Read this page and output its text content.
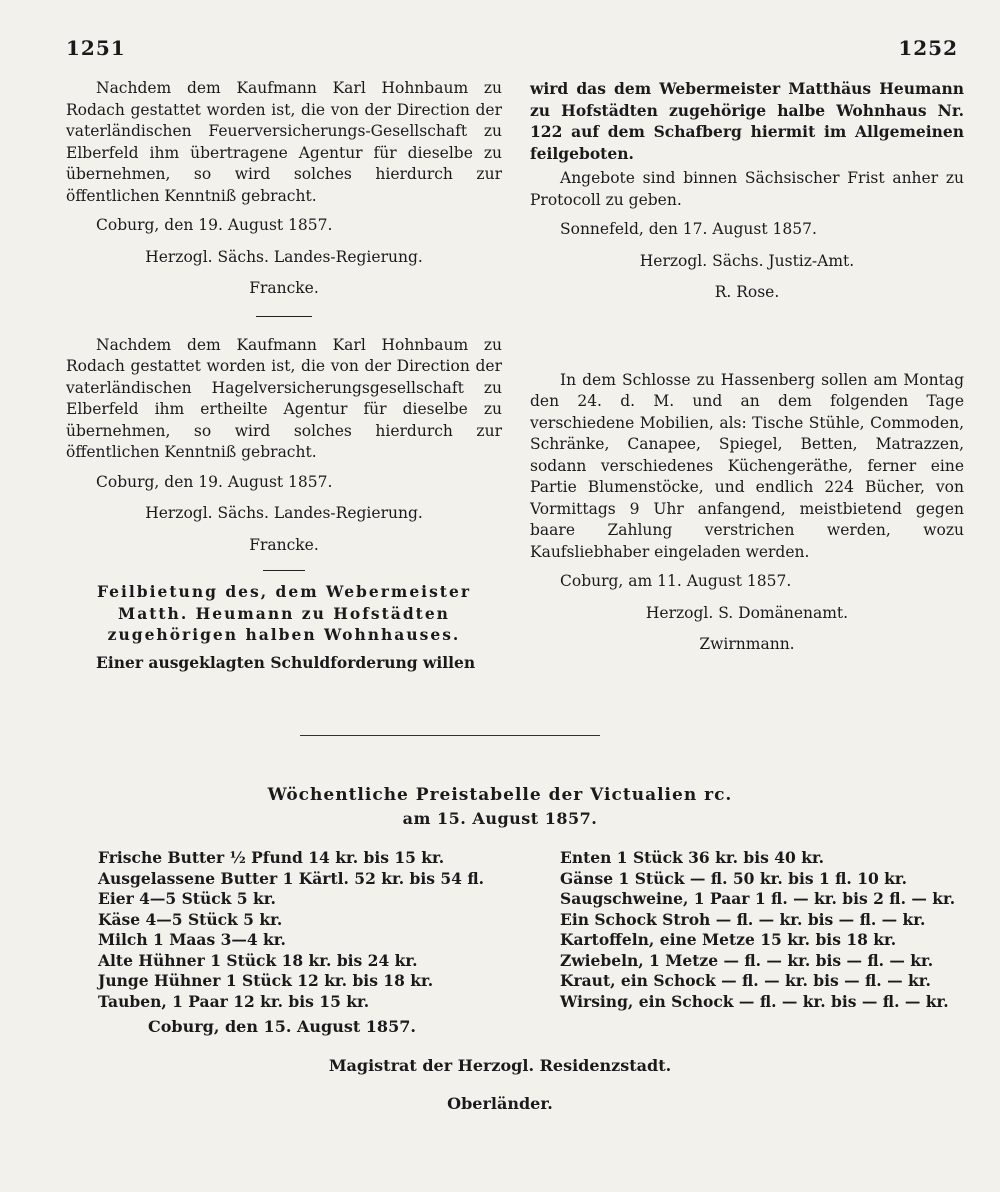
1251	1252

Nachdem dem Kaufmann Karl Hohnbaum zu Rodach gestattet worden ist, die von der Direction der vaterländischen Feuerversicherungs-Gesellschaft zu Elberfeld ihm übertragene Agentur für dieselbe zu übernehmen, so wird solches hierdurch zur öffentlichen Kenntniß gebracht.

Coburg, den 19. August 1857.

Herzogl. Sächs. Landes-Regierung.

Francke.

Nachdem dem Kaufmann Karl Hohnbaum zu Rodach gestattet worden ist, die von der Direction der vaterländischen Hagelversicherungsgesellschaft zu Elberfeld ihm ertheilte Agentur für dieselbe zu übernehmen, so wird solches hierdurch zur öffentlichen Kenntniß gebracht.

Coburg, den 19. August 1857.

Herzogl. Sächs. Landes-Regierung.

Francke.

Feilbietung des, dem Webermeister Matth. Heumann zu Hofstädten zugehörigen halben Wohnhauses.

Einer ausgeklagten Schuldforderung willen

wird das dem Webermeister Matthäus Heumann zu Hofstädten zugehörige halbe Wohnhaus Nr. 122 auf dem Schafberg hiermit im Allgemeinen feilgeboten.

Angebote sind binnen Sächsischer Frist anher zu Protocoll zu geben.

Sonnefeld, den 17. August 1857.

Herzogl. Sächs. Justiz-Amt.

R. Rose.

In dem Schlosse zu Hassenberg sollen am Montag den 24. d. M. und an dem folgenden Tage verschiedene Mobilien, als: Tische Stühle, Commoden, Schränke, Canapee, Spiegel, Betten, Matrazzen, sodann verschiedenes Küchengeräthe, ferner eine Partie Blumenstöcke, und endlich 224 Bücher, von Vormittags 9 Uhr anfangend, meistbietend gegen baare Zahlung verstrichen werden, wozu Kaufsliebhaber eingeladen werden.

Coburg, am 11. August 1857.

Herzogl. S. Domänenamt.

Zwirnmann.

Wöchentliche Preistabelle der Victualien rc.
am 15. August 1857.
Frische Butter ½ Pfund 14 kr. bis 15 kr.
Ausgelassene Butter 1 Kärtl. 52 kr. bis 54 fl.
Eier 4—5 Stück 5 kr.
Käse 4—5 Stück 5 kr.
Milch 1 Maas 3—4 kr.
Alte Hühner 1 Stück 18 kr. bis 24 kr.
Junge Hühner 1 Stück 12 kr. bis 18 kr.
Tauben, 1 Paar 12 kr. bis 15 kr.
Enten 1 Stück 36 kr. bis 40 kr.
Gänse 1 Stück — fl. 50 kr. bis 1 fl. 10 kr.
Saugschweine, 1 Paar 1 fl. — kr. bis 2 fl. — kr.
Ein Schock Stroh — fl. — kr. bis — fl. — kr.
Kartoffeln, eine Metze 15 kr. bis 18 kr.
Zwiebeln, 1 Metze — fl. — kr. bis — fl. — kr.
Kraut, ein Schock — fl. — kr. bis — fl. — kr.
Wirsing, ein Schock — fl. — kr. bis — fl. — kr.
Coburg, den 15. August 1857.
Magistrat der Herzogl. Residenzstadt.
Oberländer.
